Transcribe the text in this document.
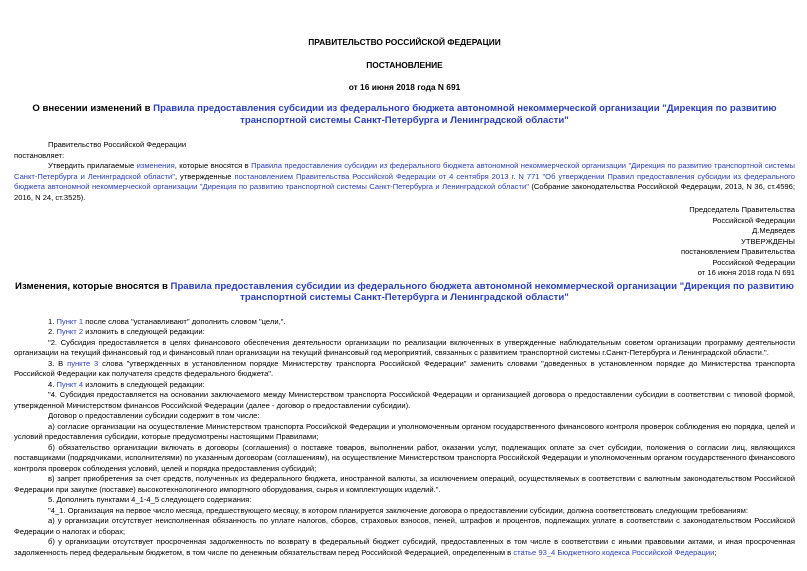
ПРАВИТЕЛЬСТВО РОССИЙСКОЙ ФЕДЕРАЦИИ
ПОСТАНОВЛЕНИЕ
от 16 июня 2018 года N 691
О внесении изменений в Правила предоставления субсидии из федерального бюджета автономной некоммерческой организации "Дирекция по развитию транспортной системы Санкт-Петербурга и Ленинградской области"
Правительство Российской Федерации
постановляет:
Утвердить прилагаемые изменения, которые вносятся в Правила предоставления субсидии из федерального бюджета автономной некоммерческой организации "Дирекция по развитию транспортной системы Санкт-Петербурга и Ленинградской области", утвержденные постановлением Правительства Российской Федерации от 4 сентября 2013 г. N 771 "Об утверждении Правил предоставления субсидии из федерального бюджета автономной некоммерческой организации "Дирекция по развитию транспортной системы Санкт-Петербурга и Ленинградской области" (Собрание законодательства Российской Федерации, 2013, N 36, ст.4596; 2016, N 24, ст.3525).
Председатель Правительства
Российской Федерации
Д.Медведев
УТВЕРЖДЕНЫ
постановлением Правительства
Российской Федерации
от 16 июня 2018 года N 691
Изменения, которые вносятся в Правила предоставления субсидии из федерального бюджета автономной некоммерческой организации "Дирекция по развитию транспортной системы Санкт-Петербурга и Ленинградской области"
1. Пункт 1 после слова "устанавливают" дополнить словом "цели,".
2. Пункт 2 изложить в следующей редакции:
"2. Субсидия предоставляется в целях финансового обеспечения деятельности организации по реализации включенных в утвержденные наблюдательным советом организации программу деятельности организации на текущий финансовый год и финансовый план организации на текущий финансовый год мероприятий, связанных с развитием транспортной системы г.Санкт-Петербурга и Ленинградской области.".
3. В пункте 3 слова "утвержденных в установленном порядке Министерству транспорта Российской Федерации" заменить словами "доведенных в установленном порядке до Министерства транспорта Российской Федерации как получателя средств федерального бюджета".
4. Пункт 4 изложить в следующей редакции:
"4. Субсидия предоставляется на основании заключаемого между Министерством транспорта Российской Федерации и организацией договора о предоставлении субсидии в соответствии с типовой формой, утвержденной Министерством финансов Российской Федерации (далее - договор о предоставлении субсидии).
Договор о предоставлении субсидии содержит в том числе:
а) согласие организации на осуществление Министерством транспорта Российской Федерации и уполномоченным органом государственного финансового контроля проверок соблюдения ею порядка, целей и условий предоставления субсидии, которые предусмотрены настоящими Правилами;
б) обязательство организации включать в договоры (соглашения) о поставке товаров, выполнении работ, оказании услуг, подлежащих оплате за счет субсидии, положения о согласии лиц, являющихся поставщиками (подрядчиками, исполнителями) по указанным договорам (соглашениям), на осуществление Министерством транспорта Российской Федерации и уполномоченным органом государственного финансового контроля проверок соблюдения условий, целей и порядка предоставления субсидий;
в) запрет приобретения за счет средств, полученных из федерального бюджета, иностранной валюты, за исключением операций, осуществляемых в соответствии с валютным законодательством Российской Федерации при закупке (поставке) высокотехнологичного импортного оборудования, сырья и комплектующих изделий.".
5. Дополнить пунктами 4_1-4_5 следующего содержания:
"4_1. Организация на первое число месяца, предшествующего месяцу, в котором планируется заключение договора о предоставлении субсидии, должна соответствовать следующим требованиям:
а) у организации отсутствует неисполненная обязанность по уплате налогов, сборов, страховых взносов, пеней, штрафов и процентов, подлежащих уплате в соответствии с законодательством Российской Федерации о налогах и сборах;
б) у организации отсутствует просроченная задолженность по возврату в федеральный бюджет субсидий, предоставленных в том числе в соответствии с иными правовыми актами, и иная просроченная задолженность перед федеральным бюджетом, в том числе по денежным обязательствам перед Российской Федерацией, определенным в статье 93_4 Бюджетного кодекса Российской Федерации;
